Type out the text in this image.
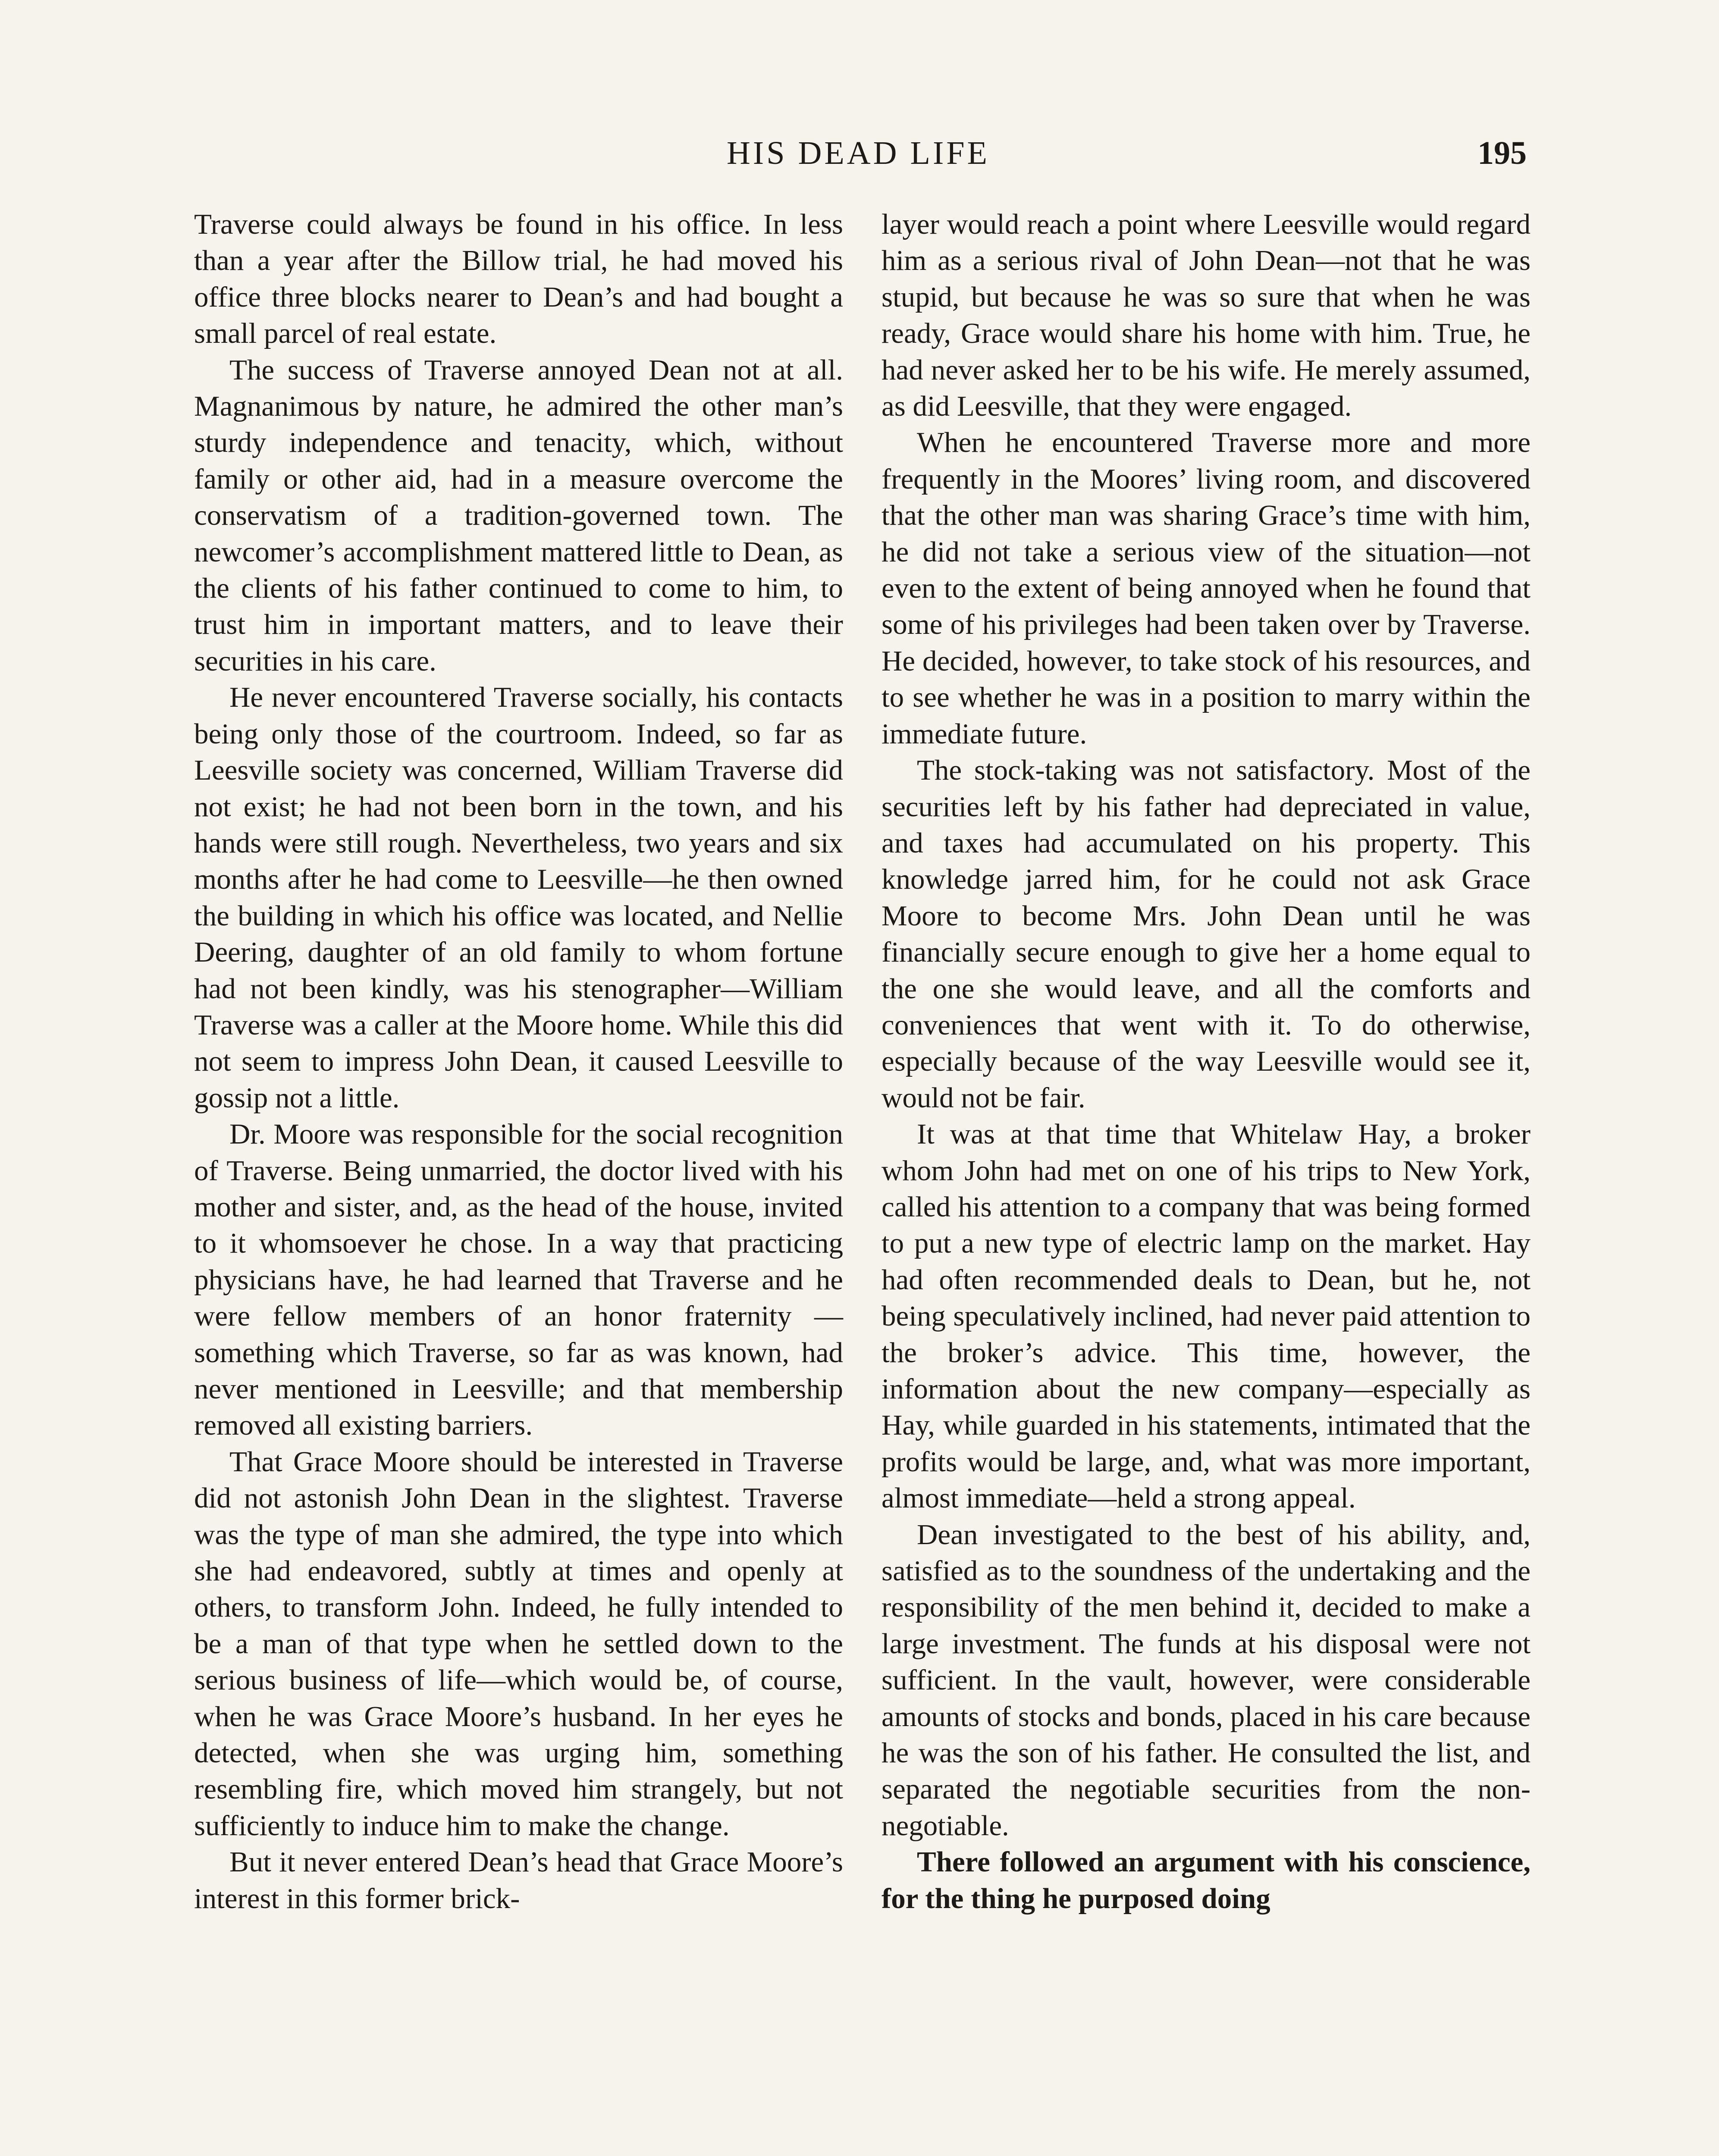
HIS DEAD LIFE	195

Traverse could always be found in his office. In less than a year after the Billow trial, he had moved his office three blocks nearer to Dean’s and had bought a small parcel of real estate.

The success of Traverse annoyed Dean not at all. Magnanimous by nature, he admired the other man’s sturdy independence and tenacity, which, without family or other aid, had in a measure overcome the conservatism of a tradition-governed town. The newcomer’s accomplishment mattered little to Dean, as the clients of his father continued to come to him, to trust him in important matters, and to leave their securities in his care.

He never encountered Traverse socially, his contacts being only those of the courtroom. Indeed, so far as Leesville society was concerned, William Traverse did not exist; he had not been born in the town, and his hands were still rough. Nevertheless, two years and six months after he had come to Leesville—he then owned the building in which his office was located, and Nellie Deering, daughter of an old family to whom fortune had not been kindly, was his stenographer—William Traverse was a caller at the Moore home. While this did not seem to impress John Dean, it caused Leesville to gossip not a little.

Dr. Moore was responsible for the social recognition of Traverse. Being unmarried, the doctor lived with his mother and sister, and, as the head of the house, invited to it whomsoever he chose. In a way that practicing physicians have, he had learned that Traverse and he were fellow members of an honor fraternity — something which Traverse, so far as was known, had never mentioned in Leesville; and that membership removed all existing barriers.

That Grace Moore should be interested in Traverse did not astonish John Dean in the slightest. Traverse was the type of man she admired, the type into which she had endeavored, subtly at times and openly at others, to transform John. Indeed, he fully intended to be a man of that type when he settled down to the serious business of life—which would be, of course, when he was Grace Moore’s husband. In her eyes he detected, when she was urging him, something resembling fire, which moved him strangely, but not sufficiently to induce him to make the change.

But it never entered Dean’s head that Grace Moore’s interest in this former brick-

layer would reach a point where Leesville would regard him as a serious rival of John Dean—not that he was stupid, but because he was so sure that when he was ready, Grace would share his home with him. True, he had never asked her to be his wife. He merely assumed, as did Leesville, that they were engaged.

When he encountered Traverse more and more frequently in the Moores’ living room, and discovered that the other man was sharing Grace’s time with him, he did not take a serious view of the situation—not even to the extent of being annoyed when he found that some of his privileges had been taken over by Traverse. He decided, however, to take stock of his resources, and to see whether he was in a position to marry within the immediate future.

The stock-taking was not satisfactory. Most of the securities left by his father had depreciated in value, and taxes had accumulated on his property. This knowledge jarred him, for he could not ask Grace Moore to become Mrs. John Dean until he was financially secure enough to give her a home equal to the one she would leave, and all the comforts and conveniences that went with it. To do otherwise, especially because of the way Leesville would see it, would not be fair.

It was at that time that Whitelaw Hay, a broker whom John had met on one of his trips to New York, called his attention to a company that was being formed to put a new type of electric lamp on the market. Hay had often recommended deals to Dean, but he, not being speculatively inclined, had never paid attention to the broker’s advice. This time, however, the information about the new company—especially as Hay, while guarded in his statements, intimated that the profits would be large, and, what was more important, almost immediate—held a strong appeal.

Dean investigated to the best of his ability, and, satisfied as to the soundness of the undertaking and the responsibility of the men behind it, decided to make a large investment. The funds at his disposal were not sufficient. In the vault, however, were considerable amounts of stocks and bonds, placed in his care because he was the son of his father. He consulted the list, and separated the negotiable securities from the non-negotiable.

There followed an argument with his conscience, for the thing he purposed doing
